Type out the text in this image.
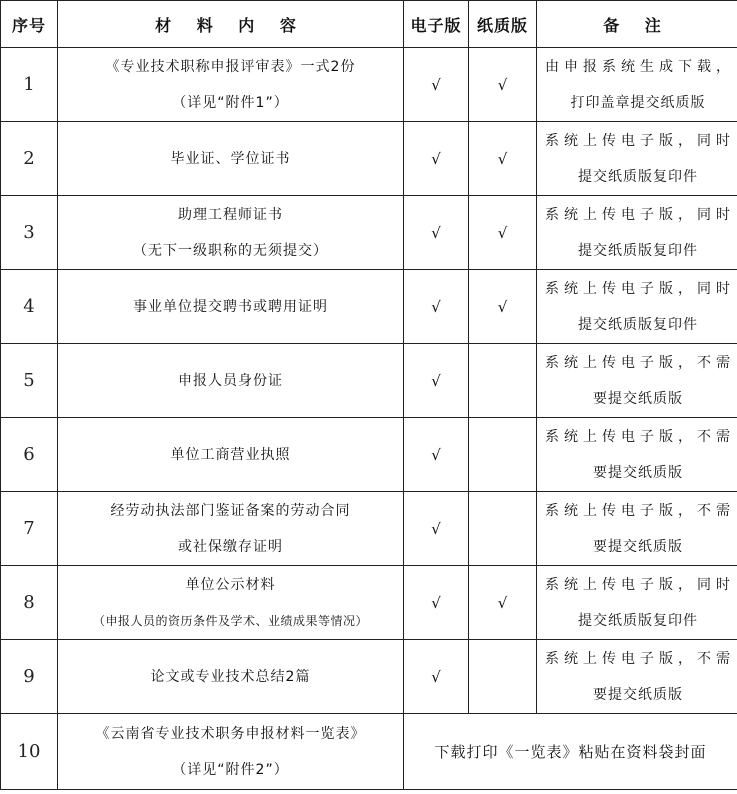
序号	材 料 内 容	电子版	纸质版	备 注
1	《专业技术职称申报评审表》一式2份
（详见“附件1”）	√	√	由申报系统生成下载，
打印盖章提交纸质版

2	毕业证、学位证书	√	√	系统上传电子版，同时
提交纸质版复印件

3	助理工程师证书
（无下一级职称的无须提交）	√	√	系统上传电子版，同时
提交纸质版复印件

4	事业单位提交聘书或聘用证明	√	√	系统上传电子版，同时
提交纸质版复印件

5	申报人员身份证	√		系统上传电子版，不需
要提交纸质版

6	单位工商营业执照	√		系统上传电子版，不需
要提交纸质版

7	经劳动执法部门鉴证备案的劳动合同
或社保缴存证明	√		系统上传电子版，不需
要提交纸质版

8	单位公示材料
（申报人员的资历条件及学术、业绩成果等情况）	√	√	系统上传电子版，同时
提交纸质版复印件

9	论文或专业技术总结2篇	√		系统上传电子版，不需
要提交纸质版

10	《云南省专业技术职务申报材料一览表》
（详见“附件2”）	下载打印《一览表》粘贴在资料袋封面		
